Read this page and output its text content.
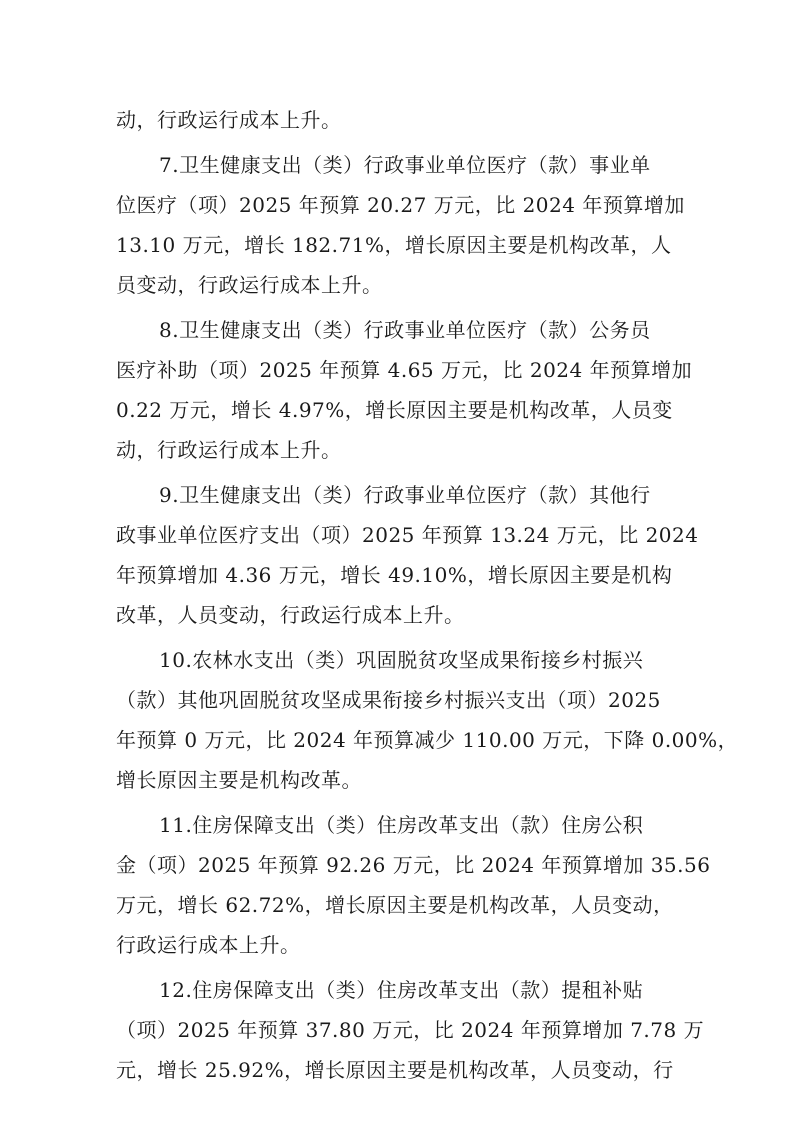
动，行政运行成本上升。
7.卫生健康支出（类）行政事业单位医疗（款）事业单
位医疗（项）2025 年预算 20.27 万元，比 2024 年预算增加
13.10 万元，增长 182.71%，增长原因主要是机构改革，人
员变动，行政运行成本上升。
8.卫生健康支出（类）行政事业单位医疗（款）公务员
医疗补助（项）2025 年预算 4.65 万元，比 2024 年预算增加
0.22 万元，增长 4.97%，增长原因主要是机构改革，人员变
动，行政运行成本上升。
9.卫生健康支出（类）行政事业单位医疗（款）其他行
政事业单位医疗支出（项）2025 年预算 13.24 万元，比 2024
年预算增加 4.36 万元，增长 49.10%，增长原因主要是机构
改革，人员变动，行政运行成本上升。
10.农林水支出（类）巩固脱贫攻坚成果衔接乡村振兴
（款）其他巩固脱贫攻坚成果衔接乡村振兴支出（项）2025
年预算 0 万元，比 2024 年预算减少 110.00 万元，下降 0.00%，
增长原因主要是机构改革。
11.住房保障支出（类）住房改革支出（款）住房公积
金（项）2025 年预算 92.26 万元，比 2024 年预算增加 35.56
万元，增长 62.72%，增长原因主要是机构改革，人员变动，
行政运行成本上升。
12.住房保障支出（类）住房改革支出（款）提租补贴
（项）2025 年预算 37.80 万元，比 2024 年预算增加 7.78 万
元，增长 25.92%，增长原因主要是机构改革，人员变动，行
